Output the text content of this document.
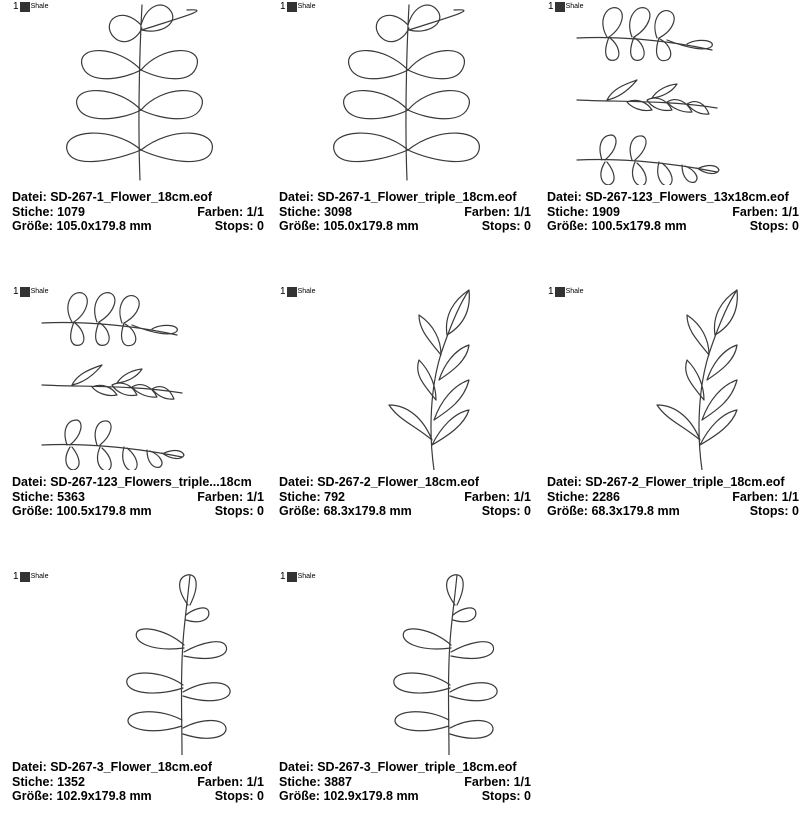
1 Shale
Datei: SD-267-1_Flower_18cm.eof
Stiche: 1079	Farben: 1/1
Größe: 105.0x179.8 mm	Stops: 0
1 Shale
Datei: SD-267-1_Flower_triple_18cm.eof
Stiche: 3098	Farben: 1/1
Größe: 105.0x179.8 mm	Stops: 0
1 Shale
Datei: SD-267-123_Flowers_13x18cm.eof
Stiche: 1909	Farben: 1/1
Größe: 100.5x179.8 mm	Stops: 0
1 Shale
Datei: SD-267-123_Flowers_triple...18cm
Stiche: 5363	Farben: 1/1
Größe: 100.5x179.8 mm	Stops: 0
1 Shale
Datei: SD-267-2_Flower_18cm.eof
Stiche: 792	Farben: 1/1
Größe: 68.3x179.8 mm	Stops: 0
1 Shale
Datei: SD-267-2_Flower_triple_18cm.eof
Stiche: 2286	Farben: 1/1
Größe: 68.3x179.8 mm	Stops: 0
1 Shale
Datei: SD-267-3_Flower_18cm.eof
Stiche: 1352	Farben: 1/1
Größe: 102.9x179.8 mm	Stops: 0
1 Shale
Datei: SD-267-3_Flower_triple_18cm.eof
Stiche: 3887	Farben: 1/1
Größe: 102.9x179.8 mm	Stops: 0
